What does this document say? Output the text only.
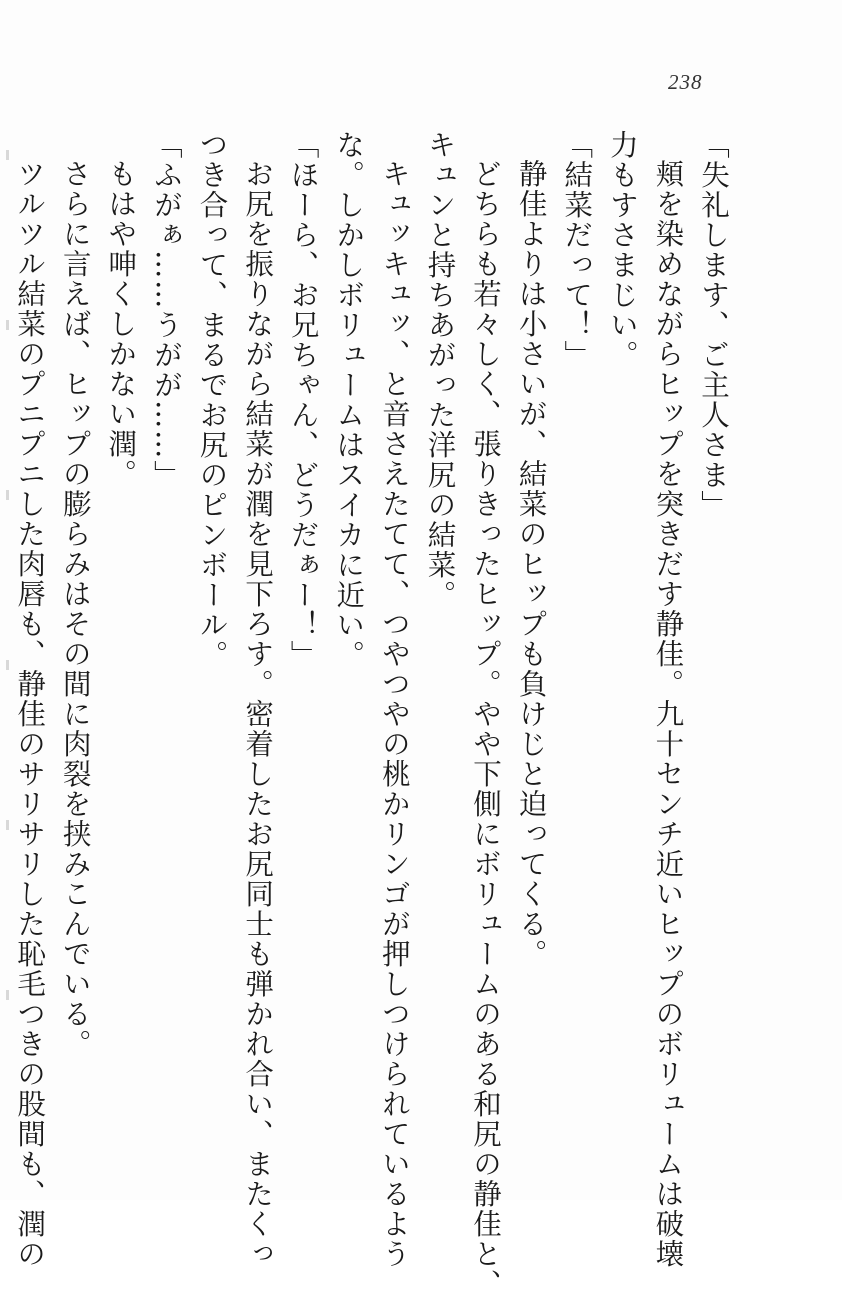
238
「失礼します、ご主人さま」
頬を染めながらヒップを突きだす静佳。九十センチ近いヒップのボリュームは破壊
力もすさまじい。
「結菜だって！」
静佳よりは小さいが、結菜のヒップも負けじと迫ってくる。
どちらも若々しく、張りきったヒップ。やや下側にボリュームのある和尻の静佳と、
キュンと持ちあがった洋尻の結菜。
キュッキュッ、と音さえたてて、つやつやの桃かリンゴが押しつけられているよう
な。しかしボリュームはスイカに近い。
「ほーら、お兄ちゃん、どうだぁー！」
お尻を振りながら結菜が潤を見下ろす。密着したお尻同士も弾かれ合い、またくっ
つき合って、まるでお尻のピンボール。
「ふがぁ……うがが……」
もはや呻くしかない潤。
さらに言えば、ヒップの膨らみはその間に肉裂を挟みこんでいる。
ツルツル結菜のプニプニした肉唇も、静佳のサリサリした恥毛つきの股間も、潤の
